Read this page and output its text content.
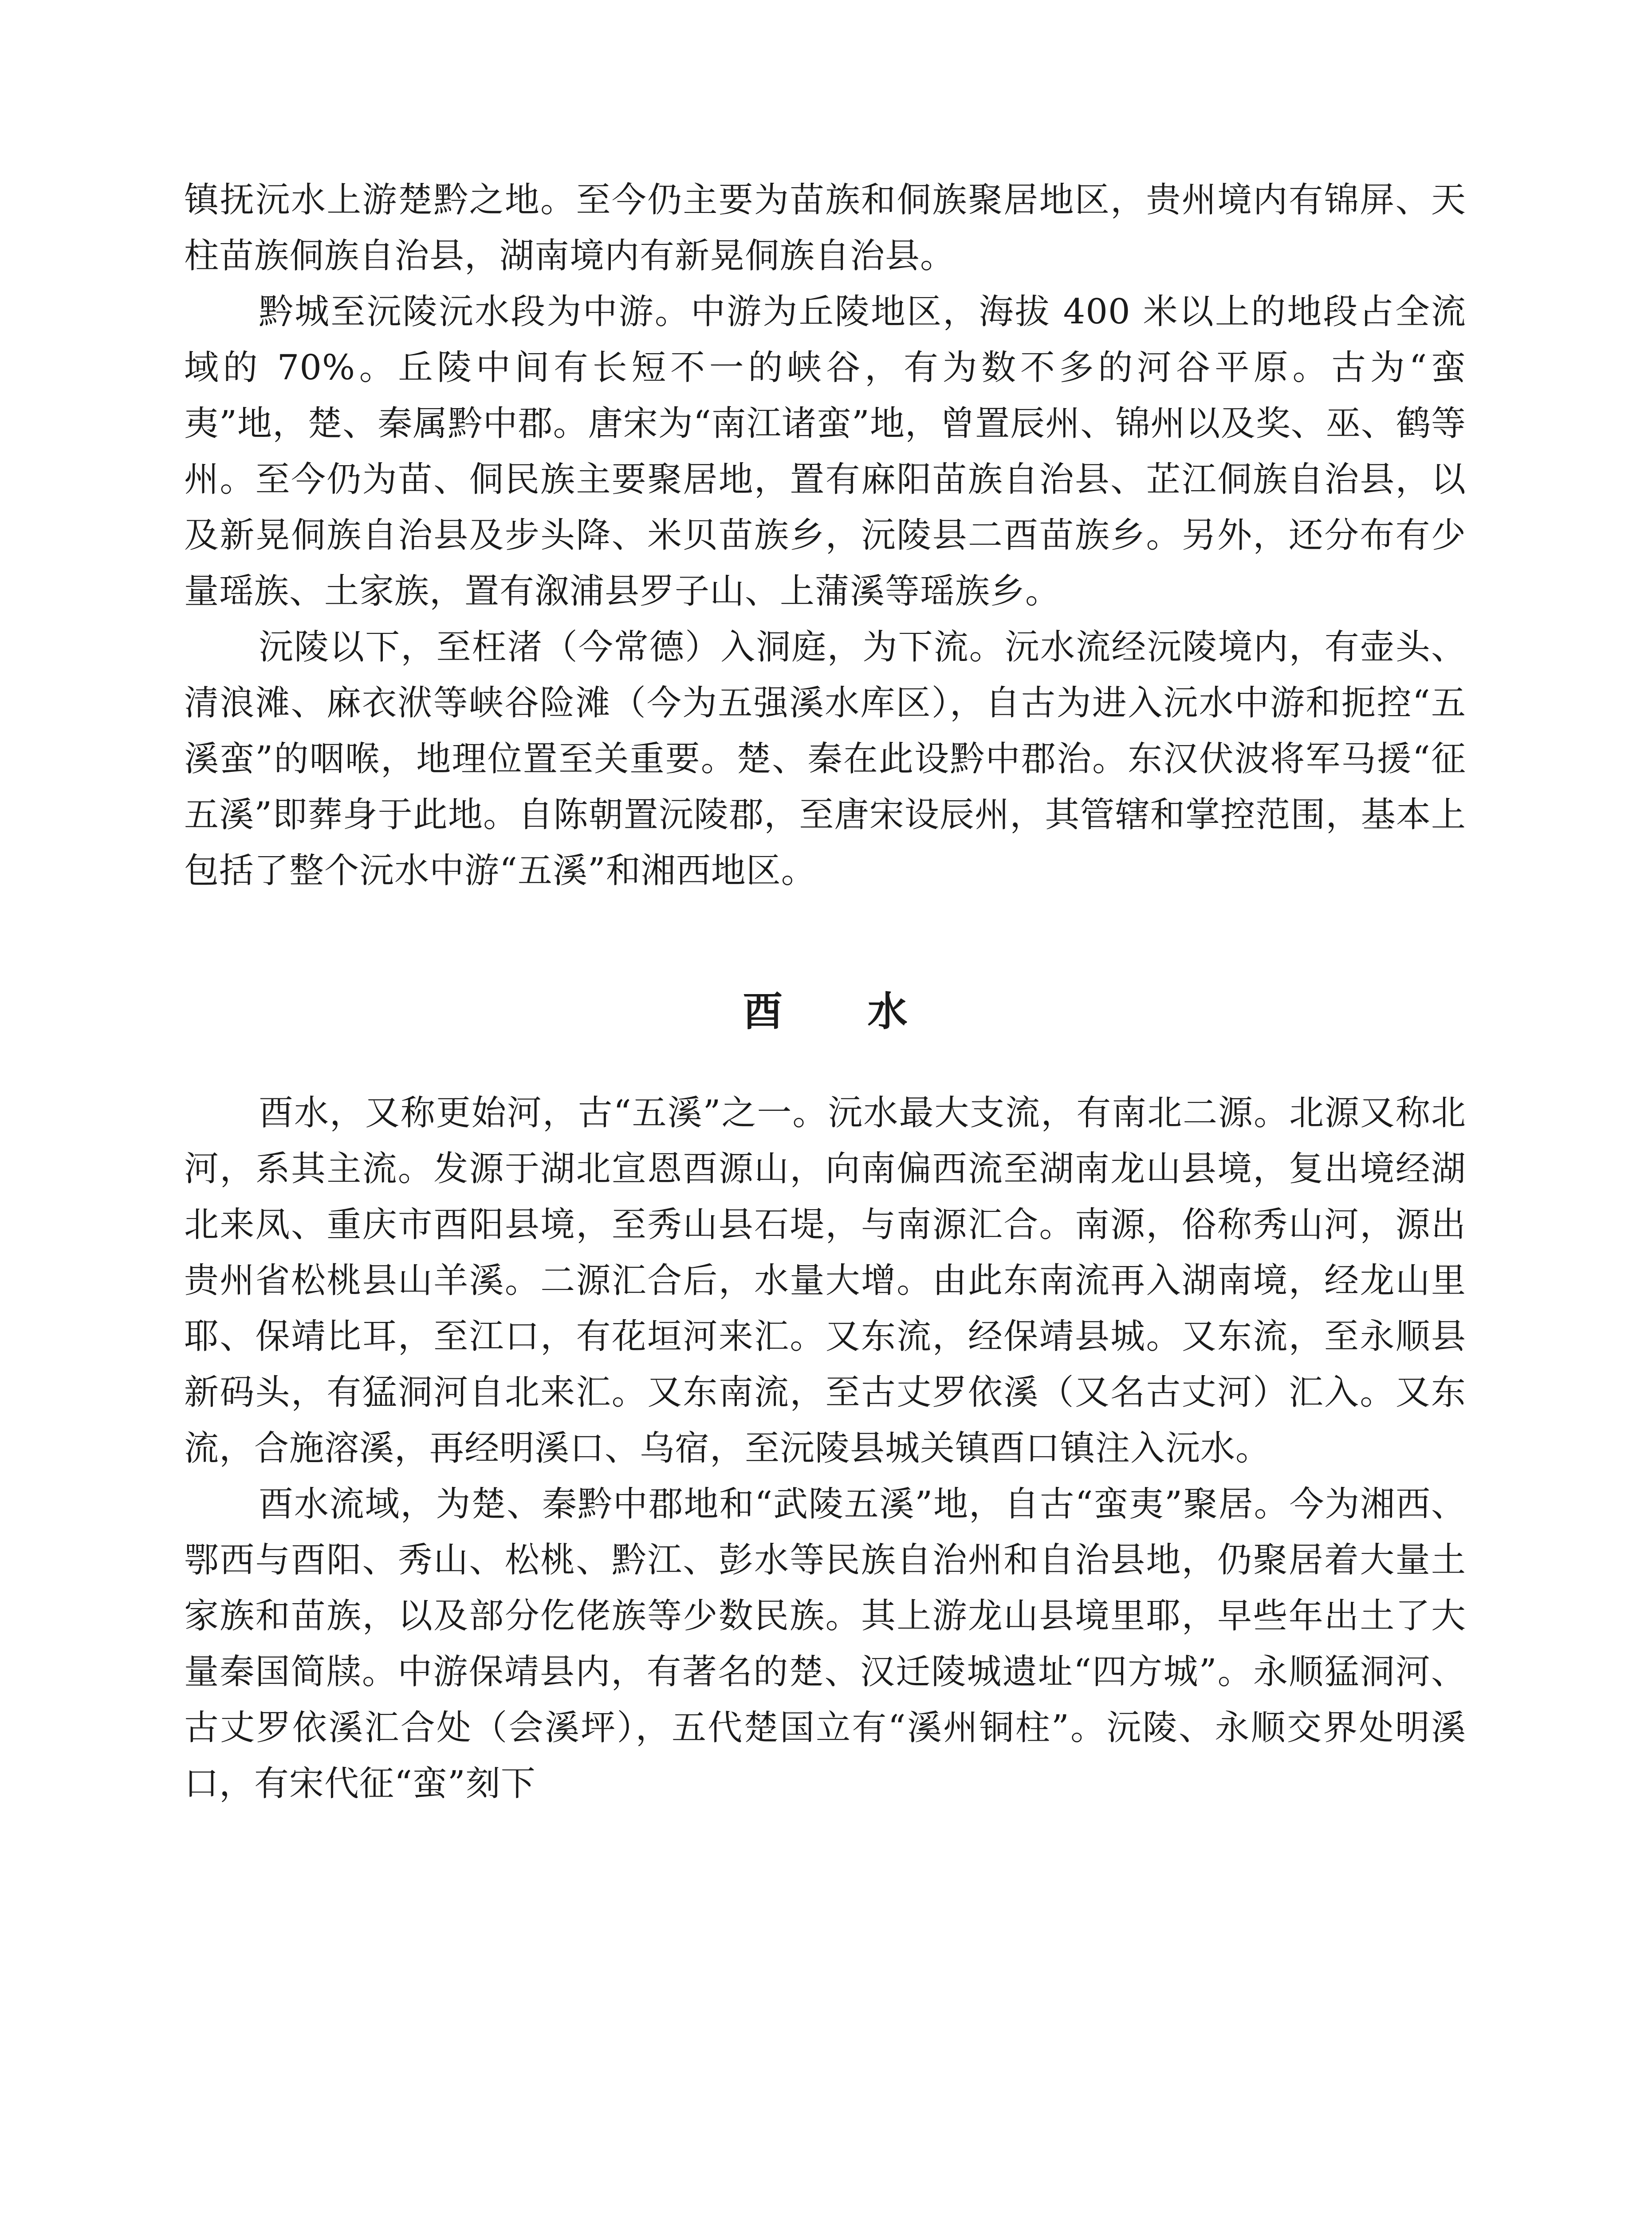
镇抚沅水上游楚黔之地。至今仍主要为苗族和侗族聚居地区，贵州境内有锦屏、天柱苗族侗族自治县，湖南境内有新晃侗族自治县。

黔城至沅陵沅水段为中游。中游为丘陵地区，海拔 400 米以上的地段占全流域的 70%。丘陵中间有长短不一的峡谷，有为数不多的河谷平原。古为“蛮夷”地，楚、秦属黔中郡。唐宋为“南江诸蛮”地，曾置辰州、锦州以及奖、巫、鹤等州。至今仍为苗、侗民族主要聚居地，置有麻阳苗族自治县、芷江侗族自治县，以及新晃侗族自治县及步头降、米贝苗族乡，沅陵县二酉苗族乡。另外，还分布有少量瑶族、土家族，置有溆浦县罗子山、上蒲溪等瑶族乡。

沅陵以下，至枉渚（今常德）入洞庭，为下流。沅水流经沅陵境内，有壶头、清浪滩、麻衣洑等峡谷险滩（今为五强溪水库区），自古为进入沅水中游和扼控“五溪蛮”的咽喉，地理位置至关重要。楚、秦在此设黔中郡治。东汉伏波将军马援“征五溪”即葬身于此地。自陈朝置沅陵郡，至唐宋设辰州，其管辖和掌控范围，基本上包括了整个沅水中游“五溪”和湘西地区。

酉 水

酉水，又称更始河，古“五溪”之一。沅水最大支流，有南北二源。北源又称北河，系其主流。发源于湖北宣恩酉源山，向南偏西流至湖南龙山县境，复出境经湖北来凤、重庆市酉阳县境，至秀山县石堤，与南源汇合。南源，俗称秀山河，源出贵州省松桃县山羊溪。二源汇合后，水量大增。由此东南流再入湖南境，经龙山里耶、保靖比耳，至江口，有花垣河来汇。又东流，经保靖县城。又东流，至永顺县新码头，有猛洞河自北来汇。又东南流，至古丈罗依溪（又名古丈河）汇入。又东流，合施溶溪，再经明溪口、乌宿，至沅陵县城关镇酉口镇注入沅水。

酉水流域，为楚、秦黔中郡地和“武陵五溪”地，自古“蛮夷”聚居。今为湘西、鄂西与酉阳、秀山、松桃、黔江、彭水等民族自治州和自治县地，仍聚居着大量土家族和苗族，以及部分仡佬族等少数民族。其上游龙山县境里耶，早些年出土了大量秦国简牍。中游保靖县内，有著名的楚、汉迁陵城遗址“四方城”。永顺猛洞河、古丈罗依溪汇合处（会溪坪），五代楚国立有“溪州铜柱”。沅陵、永顺交界处明溪口，有宋代征“蛮”刻下
